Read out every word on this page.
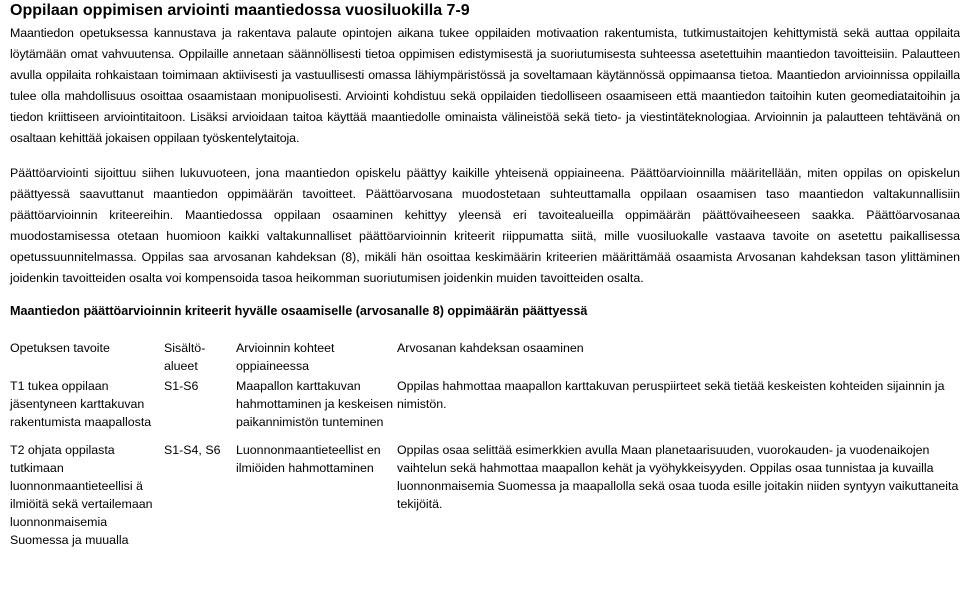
Oppilaan oppimisen arviointi maantiedossa vuosiluokilla 7-9

Maantiedon opetuksessa kannustava ja rakentava palaute opintojen aikana tukee oppilaiden motivaation rakentumista, tutkimustaitojen kehittymistä sekä auttaa oppilaita löytämään omat vahvuutensa. Oppilaille annetaan säännöllisesti tietoa oppimisen edistymisestä ja suoriutumisesta suhteessa asetettuihin maantiedon tavoitteisiin. Palautteen avulla oppilaita rohkaistaan toimimaan aktiivisesti ja vastuullisesti omassa lähiympäristössä ja soveltamaan käytännössä oppimaansa tietoa. Maantiedon arvioinnissa oppilailla tulee olla mahdollisuus osoittaa osaamistaan monipuolisesti. Arviointi kohdistuu sekä oppilaiden tiedolliseen osaamiseen että maantiedon taitoihin kuten geomediataitoihin ja tiedon kriittiseen arviointitaitoon. Lisäksi arvioidaan taitoa käyttää maantiedolle ominaista välineistöä sekä tieto- ja viestintäteknologiaa. Arvioinnin ja palautteen tehtävänä on osaltaan kehittää jokaisen oppilaan työskentelytaitoja.

Päättöarviointi sijoittuu siihen lukuvuoteen, jona maantiedon opiskelu päättyy kaikille yhteisenä oppiaineena. Päättöarvioinnilla määritellään, miten oppilas on opiskelun päättyessä saavuttanut maantiedon oppimäärän tavoitteet. Päättöarvosana muodostetaan suhteuttamalla oppilaan osaamisen taso maantiedon valtakunnallisiin päättöarvioinnin kriteereihin. Maantiedossa oppilaan osaaminen kehittyy yleensä eri tavoitealueilla oppimäärän päättövaiheeseen saakka. Päättöarvosanaa muodostamisessa otetaan huomioon kaikki valtakunnalliset päättöarvioinnin kriteerit riippumatta siitä, mille vuosiluokalle vastaava tavoite on asetettu paikallisessa opetussuunnitelmassa. Oppilas saa arvosanan kahdeksan (8), mikäli hän osoittaa keskimäärin kriteerien määrittämää osaamista Arvosanan kahdeksan tason ylittäminen joidenkin tavoitteiden osalta voi kompensoida tasoa heikomman suoriutumisen joidenkin muiden tavoitteiden osalta.

Maantiedon päättöarvioinnin kriteerit hyvälle osaamiselle (arvosanalle 8) oppimäärän päättyessä

Opetuksen tavoite	Sisältö-alueet	Arvioinnin kohteet oppiaineessa	Arvosanan kahdeksan osaaminen
T1 tukea oppilaan jäsentyneen karttakuvan rakentumista maapallosta	S1-S6	Maapallon karttakuvan hahmottaminen ja keskeisen paikannimistön tunteminen	Oppilas hahmottaa maapallon karttakuvan peruspiirteet sekä tietää keskeisten kohteiden sijainnin ja nimistön.
T2 ohjata oppilasta tutkimaan luonnonmaantieteellisi ä ilmiöitä sekä vertailemaan luonnonmaisemia Suomessa ja muualla	S1-S4, S6	Luonnonmaantieteellist en ilmiöiden hahmottaminen	Oppilas osaa selittää esimerkkien avulla Maan planetaarisuuden, vuorokauden- ja vuodenaikojen vaihtelun sekä hahmottaa maapallon kehät ja vyöhykkeisyyden. Oppilas osaa tunnistaa ja kuvailla luonnonmaisemia Suomessa ja maapallolla sekä osaa tuoda esille joitakin niiden syntyyn vaikuttaneita tekijöitä.
